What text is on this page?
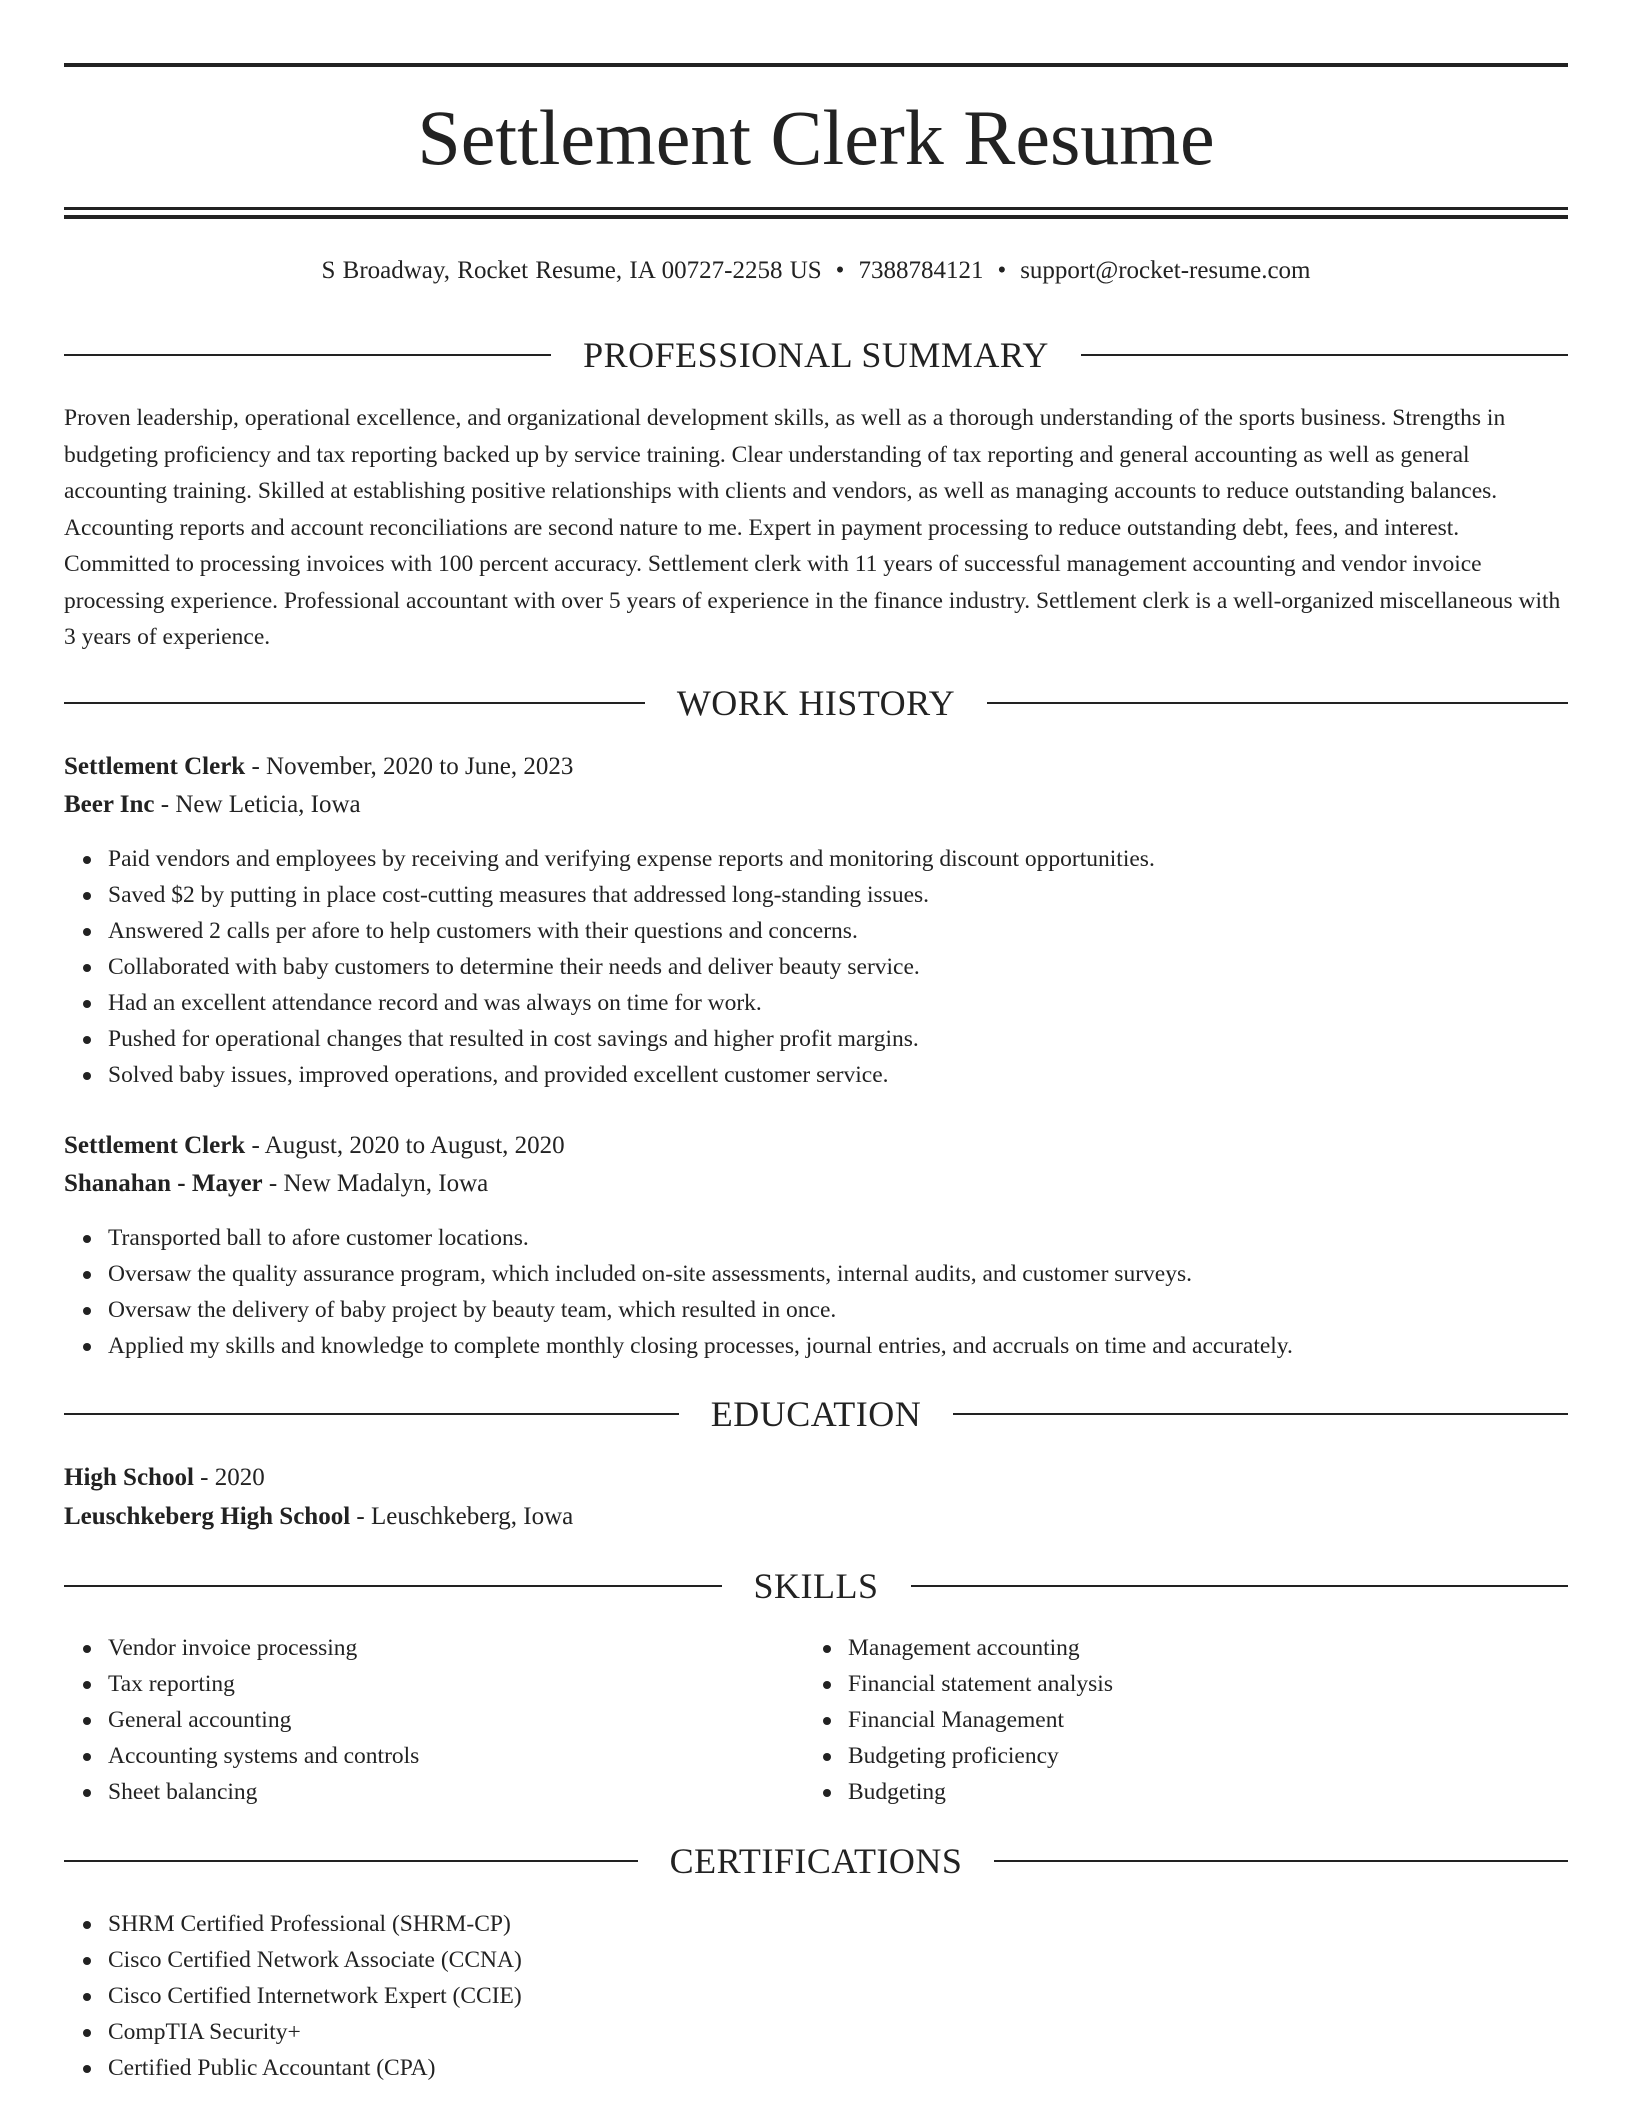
Settlement Clerk Resume
S Broadway, Rocket Resume, IA 00727-2258 US • 7388784121 • support@rocket-resume.com
PROFESSIONAL SUMMARY

Proven leadership, operational excellence, and organizational development skills, as well as a thorough understanding of the sports business. Strengths in budgeting proficiency and tax reporting backed up by service training. Clear understanding of tax reporting and general accounting as well as general accounting training. Skilled at establishing positive relationships with clients and vendors, as well as managing accounts to reduce outstanding balances. Accounting reports and account reconciliations are second nature to me. Expert in payment processing to reduce outstanding debt, fees, and interest. Committed to processing invoices with 100 percent accuracy. Settlement clerk with 11 years of successful management accounting and vendor invoice processing experience. Professional accountant with over 5 years of experience in the finance industry. Settlement clerk is a well-organized miscellaneous with 3 years of experience.

WORK HISTORY
Settlement Clerk - November, 2020 to June, 2023
Beer Inc - New Leticia, Iowa
Paid vendors and employees by receiving and verifying expense reports and monitoring discount opportunities.
Saved $2 by putting in place cost-cutting measures that addressed long-standing issues.
Answered 2 calls per afore to help customers with their questions and concerns.
Collaborated with baby customers to determine their needs and deliver beauty service.
Had an excellent attendance record and was always on time for work.
Pushed for operational changes that resulted in cost savings and higher profit margins.
Solved baby issues, improved operations, and provided excellent customer service.
Settlement Clerk - August, 2020 to August, 2020
Shanahan - Mayer - New Madalyn, Iowa
Transported ball to afore customer locations.
Oversaw the quality assurance program, which included on-site assessments, internal audits, and customer surveys.
Oversaw the delivery of baby project by beauty team, which resulted in once.
Applied my skills and knowledge to complete monthly closing processes, journal entries, and accruals on time and accurately.
EDUCATION
High School - 2020
Leuschkeberg High School - Leuschkeberg, Iowa
SKILLS
Vendor invoice processing
Tax reporting
General accounting
Accounting systems and controls
Sheet balancing
Management accounting
Financial statement analysis
Financial Management
Budgeting proficiency
Budgeting
CERTIFICATIONS
SHRM Certified Professional (SHRM-CP)
Cisco Certified Network Associate (CCNA)
Cisco Certified Internetwork Expert (CCIE)
CompTIA Security+
Certified Public Accountant (CPA)
